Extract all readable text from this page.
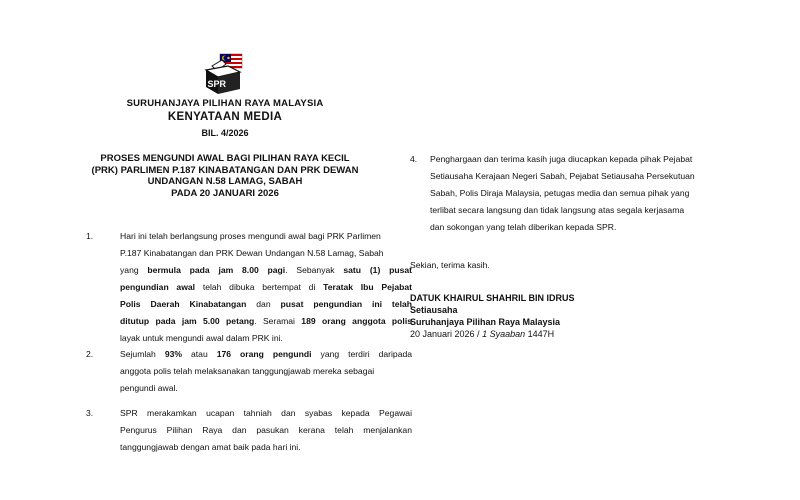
SPR
SURUHANJAYA PILIHAN RAYA MALAYSIA
KENYATAAN MEDIA
BIL. 4/2026
PROSES MENGUNDI AWAL BAGI PILIHAN RAYA KECIL
(PRK) PARLIMEN P.187 KINABATANGAN DAN PRK DEWAN
UNDANGAN N.58 LAMAG, SABAH
PADA 20 JANUARI 2026
1.	Hari ini telah berlangsung proses mengundi awal bagi PRK Parlimen
P.187 Kinabatangan dan PRK Dewan Undangan N.58 Lamag, Sabah
yang bermula pada jam 8.00 pagi. Sebanyak satu (1) pusat
pengundian awal telah dibuka bertempat di Teratak Ibu Pejabat
Polis Daerah Kinabatangan dan pusat pengundian ini telah
ditutup pada jam 5.00 petang. Seramai 189 orang anggota polis
layak untuk mengundi awal dalam PRK ini.
2.	Sejumlah 93% atau 176 orang pengundi yang terdiri daripada
anggota polis telah melaksanakan tanggungjawab mereka sebagai
pengundi awal.
3.	SPR merakamkan ucapan tahniah dan syabas kepada Pegawai
Pengurus Pilihan Raya dan pasukan kerana telah menjalankan
tanggungjawab dengan amat baik pada hari ini.
4. Penghargaan dan terima kasih juga diucapkan kepada pihak Pejabat
Setiausaha Kerajaan Negeri Sabah, Pejabat Setiausaha Persekutuan
Sabah, Polis Diraja Malaysia, petugas media dan semua pihak yang
terlibat secara langsung dan tidak langsung atas segala kerjasama
dan sokongan yang telah diberikan kepada SPR.
Sekian, terima kasih.
DATUK KHAIRUL SHAHRIL BIN IDRUS
Setiausaha
Suruhanjaya Pilihan Raya Malaysia
20 Januari 2026 / 1 Syaaban 1447H
